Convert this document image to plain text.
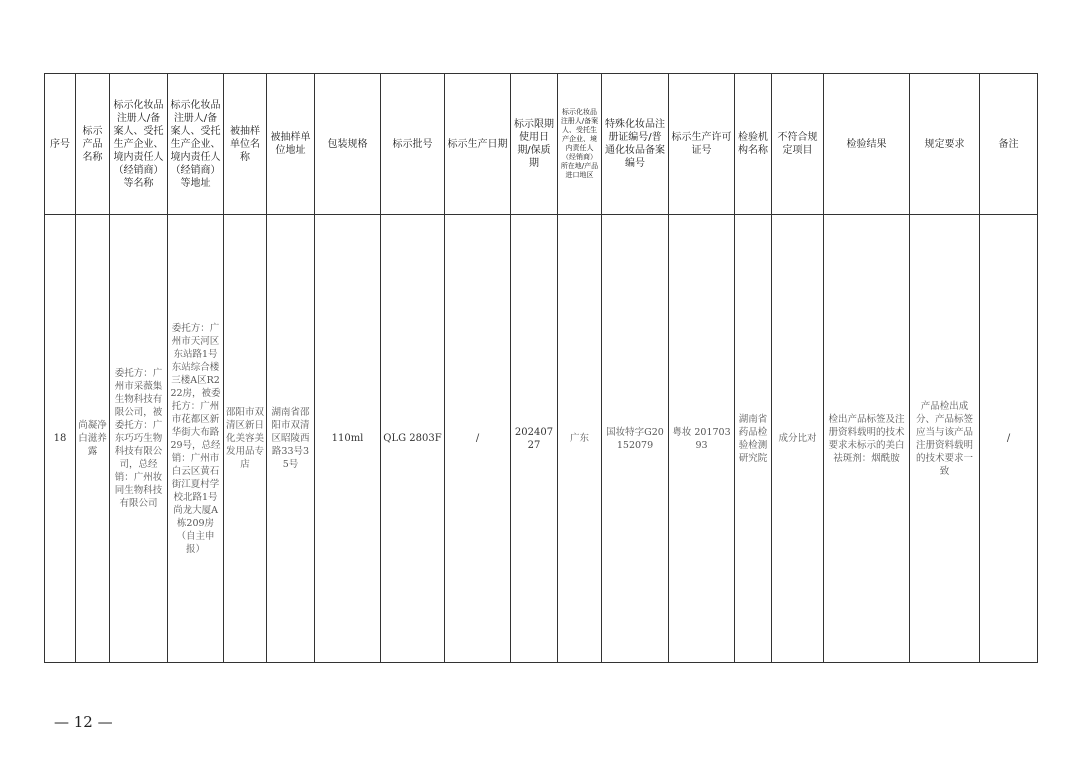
序号	标示产品名称	标示化妆品注册人/备案人、受托生产企业、境内责任人（经销商）等名称	标示化妆品注册人/备案人、受托生产企业、境内责任人（经销商）等地址	被抽样单位名称	被抽样单位地址	包装规格	标示批号	标示生产日期	标示限期使用日期/保质期	标示化妆品注册人/备案人、受托生产企业、境内责任人（经销商）所在地/产品进口地区	特殊化妆品注册证编号/普通化妆品备案编号	标示生产许可证号	检验机构名称	不符合规定项目	检验结果	规定要求	备注
18	尚凝净白滋养露	委托方：广州市采薇集生物科技有限公司，被委托方：广东巧巧生物科技有限公司，总经销：广州妆同生物科技有限公司	委托方：广州市天河区东站路1号东站综合楼三楼A区R222房，被委托方：广州市花都区新华街大布路29号，总经销：广州市白云区黄石街江夏村学校北路1号尚龙大厦A栋209房（自主申报）	邵阳市双清区新日化美容美发用品专店	湖南省邵阳市双清区昭陵西路33号35号	110ml	QLG 2803F	/	202407 27	广东	国妆特字G20152079	粤妆 20170393	湖南省药品检验检测研究院	成分比对	检出产品标签及注册资料载明的技术要求未标示的美白祛斑剂：烟酰胺	产品检出成分、产品标签应当与该产品注册资料载明的技术要求一致	/
— 12 —
